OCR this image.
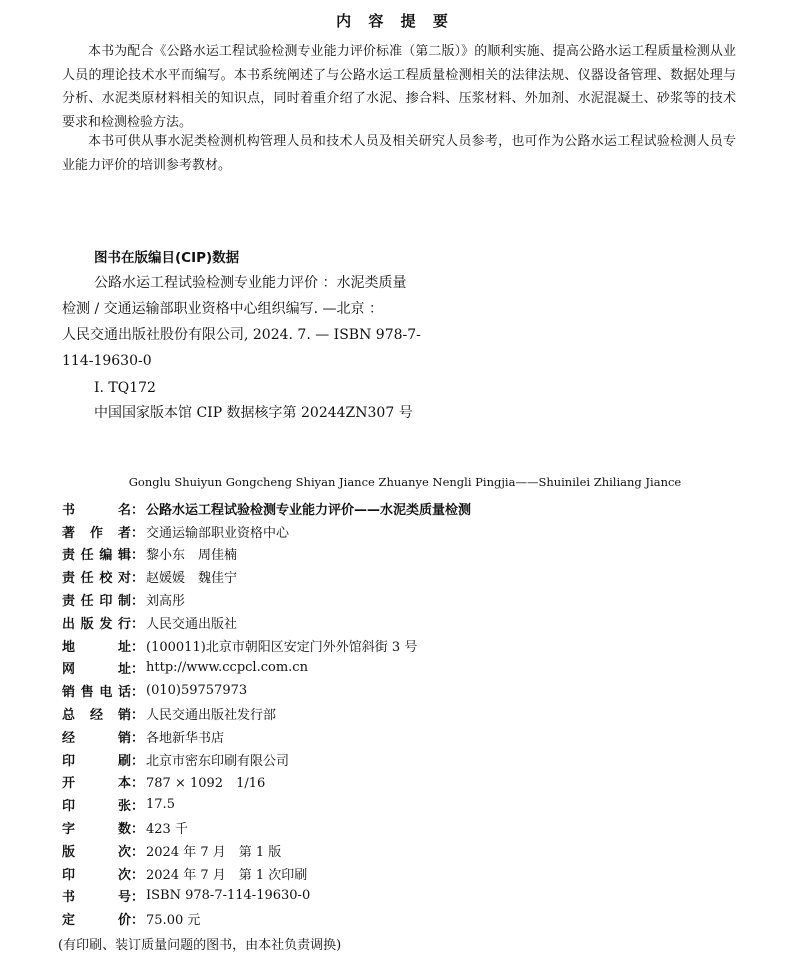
内 容 提 要
本书为配合《公路水运工程试验检测专业能力评价标准（第二版）》的顺利实施、提高公路水运工程质量检测从业人员的理论技术水平而编写。本书系统阐述了与公路水运工程质量检测相关的法律法规、仪器设备管理、数据处理与分析、水泥类原材料相关的知识点，同时着重介绍了水泥、掺合料、压浆材料、外加剂、水泥混凝土、砂浆等的技术要求和检测检验方法。
本书可供从事水泥类检测机构管理人员和技术人员及相关研究人员参考，也可作为公路水运工程试验检测人员专业能力评价的培训参考教材。
图书在版编目(CIP)数据
公路水运工程试验检测专业能力评价 ：水泥类质量
检测 / 交通运输部职业资格中心组织编写. —北京 ：
人民交通出版社股份有限公司, 2024. 7. — ISBN 978-7-
114-19630-0
Ⅰ. TQ172
中国国家版本馆 CIP 数据核字第 20244ZN307 号
Gonglu Shuiyun Gongcheng Shiyan Jiance Zhuanye Nengli Pingjia——Shuinilei Zhiliang Jiance
书	名 ： 公路水运工程试验检测专业能力评价——水泥类质量检测
著 作 者 ： 交通运输部职业资格中心
责 任 编 辑 ： 黎小东　周佳楠
责 任 校 对 ： 赵媛媛　魏佳宁
责 任 印 制 ： 刘高彤
出 版 发 行 ： 人民交通出版社
地	址 ： (100011)北京市朝阳区安定门外外馆斜街 3 号
网	址 ： http://www.ccpcl.com.cn
销 售 电 话 ： (010)59757973
总 经 销 ： 人民交通出版社发行部
经	销 ： 各地新华书店
印	刷 ： 北京市密东印刷有限公司
开	本 ： 787 × 1092　1/16
印	张 ： 17.5
字	数 ： 423 千
版	次 ： 2024 年 7 月　第 1 版
印	次 ： 2024 年 7 月　第 1 次印刷
书	号 ： ISBN 978-7-114-19630-0
定	价 ： 75.00 元
(有印刷、装订质量问题的图书，由本社负责调换)
